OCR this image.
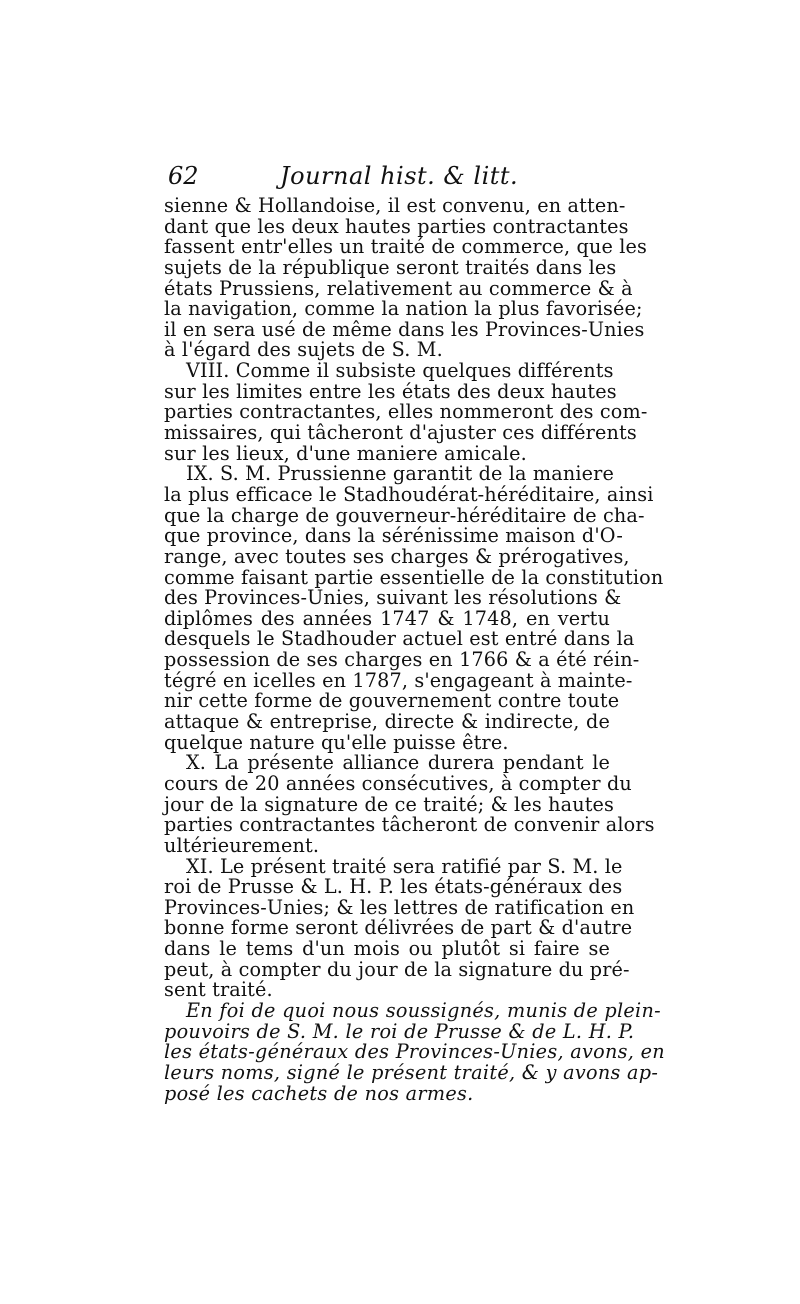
62	Journal hist. & litt.
sienne & Hollandoise, il est convenu, en atten-
dant que les deux hautes parties contractantes
fassent entr'elles un traité de commerce, que les
sujets de la république seront traités dans les
états Prussiens, relativement au commerce & à
la navigation, comme la nation la plus favorisée;
il en sera usé de même dans les Provinces-Unies
à l'égard des sujets de S. M.
VIII. Comme il subsiste quelques différents
sur les limites entre les états des deux hautes
parties contractantes, elles nommeront des com-
missaires, qui tâcheront d'ajuster ces différents
sur les lieux, d'une maniere amicale.
IX. S. M. Prussienne garantit de la maniere
la plus efficace le Stadhoudérat-héréditaire, ainsi
que la charge de gouverneur-héréditaire de cha-
que province, dans la sérénissime maison d'O-
range, avec toutes ses charges & prérogatives,
comme faisant partie essentielle de la constitution
des Provinces-Unies, suivant les résolutions &
diplômes des années 1747 & 1748, en vertu
desquels le Stadhouder actuel est entré dans la
possession de ses charges en 1766 & a été réin-
tégré en icelles en 1787, s'engageant à mainte-
nir cette forme de gouvernement contre toute
attaque & entreprise, directe & indirecte, de
quelque nature qu'elle puisse être.
X. La présente alliance durera pendant le
cours de 20 années consécutives, à compter du
jour de la signature de ce traité; & les hautes
parties contractantes tâcheront de convenir alors
ultérieurement.
XI. Le présent traité sera ratifié par S. M. le
roi de Prusse & L. H. P. les états-généraux des
Provinces-Unies; & les lettres de ratification en
bonne forme seront délivrées de part & d'autre
dans le tems d'un mois ou plutôt si faire se
peut, à compter du jour de la signature du pré-
sent traité.
En foi de quoi nous soussignés, munis de plein-
pouvoirs de S. M. le roi de Prusse & de L. H. P.
les états-généraux des Provinces-Unies, avons, en
leurs noms, signé le présent traité, & y avons ap-
posé les cachets de nos armes.
